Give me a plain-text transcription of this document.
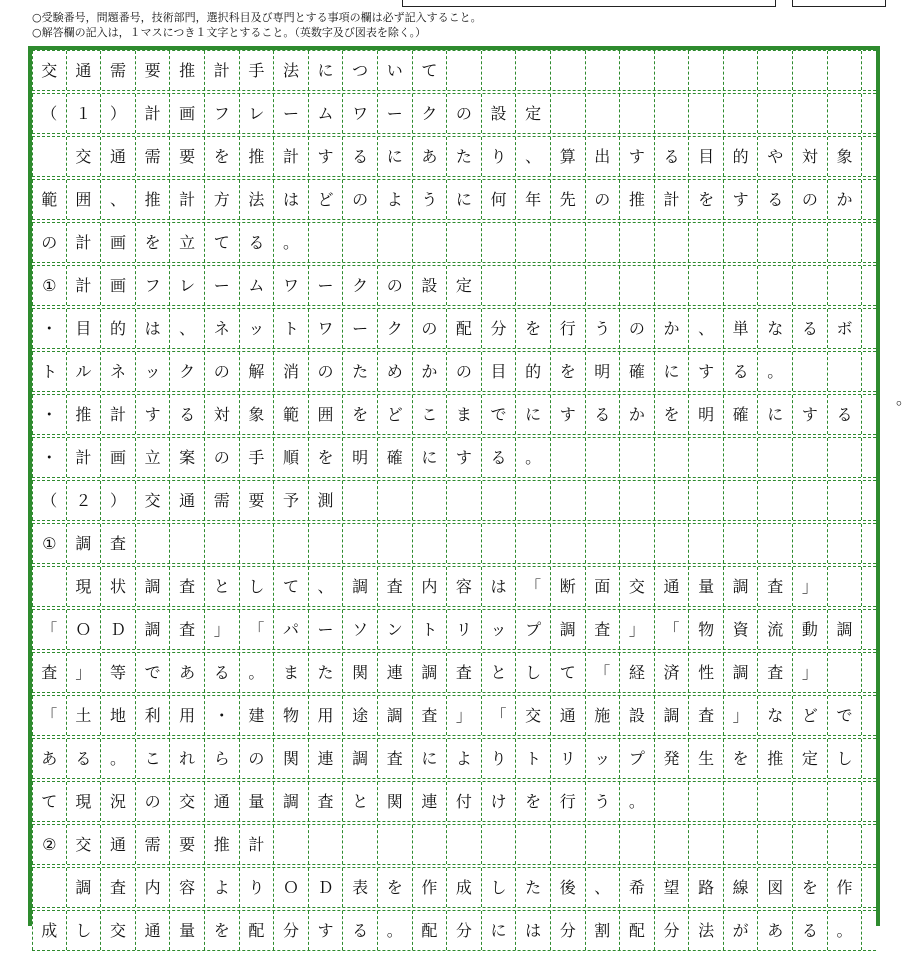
○受験番号，問題番号，技術部門，選択科目及び専門とする事項の欄は必ず記入すること。
○解答欄の記入は，１マスにつき１文字とすること。（英数字及び図表を除く。）
交	通	需	要	推	計	手	法	に	つ	い	て
（	１	）	計	画	フ	レ	ー	ム	ワ	ー	ク	の	設	定
交	通	需	要	を	推	計	す	る	に	あ	た	り	、	算	出	す	る	目	的	や	対	象
範	囲	、	推	計	方	法	は	ど	の	よ	う	に	何	年	先	の	推	計	を	す	る	の	か
の	計	画	を	立	て	る	。
①	計	画	フ	レ	ー	ム	ワ	ー	ク	の	設	定
・	目	的	は	、	ネ	ッ	ト	ワ	ー	ク	の	配	分	を	行	う	の	か	、	単	な	る	ボ
ト	ル	ネ	ッ	ク	の	解	消	の	た	め	か	の	目	的	を	明	確	に	す	る	。
・	推	計	す	る	対	象	範	囲	を	ど	こ	ま	で	に	す	る	か	を	明	確	に	す	る
・	計	画	立	案	の	手	順	を	明	確	に	す	る	。
（	２	）	交	通	需	要	予	測
①	調	査
現	状	調	査	と	し	て	、	調	査	内	容	は	「	断	面	交	通	量	調	査	」
「	Ｏ	Ｄ	調	査	」	「	パ	ー	ソ	ン	ト	リ	ッ	プ	調	査	」	「	物	資	流	動	調
査	」	等	で	あ	る	。	ま	た	関	連	調	査	と	し	て	「	経	済	性	調	査	」
「	土	地	利	用	・	建	物	用	途	調	査	」	「	交	通	施	設	調	査	」	な	ど	で
あ	る	。	こ	れ	ら	の	関	連	調	査	に	よ	り	ト	リ	ッ	プ	発	生	を	推	定	し
て	現	況	の	交	通	量	調	査	と	関	連	付	け	を	行	う	。
②	交	通	需	要	推	計
調	査	内	容	よ	り	Ｏ	Ｄ	表	を	作	成	し	た	後	、	希	望	路	線	図	を	作
成	し	交	通	量	を	配	分	す	る	。	配	分	に	は	分	割	配	分	法	が	あ	る	。
。
